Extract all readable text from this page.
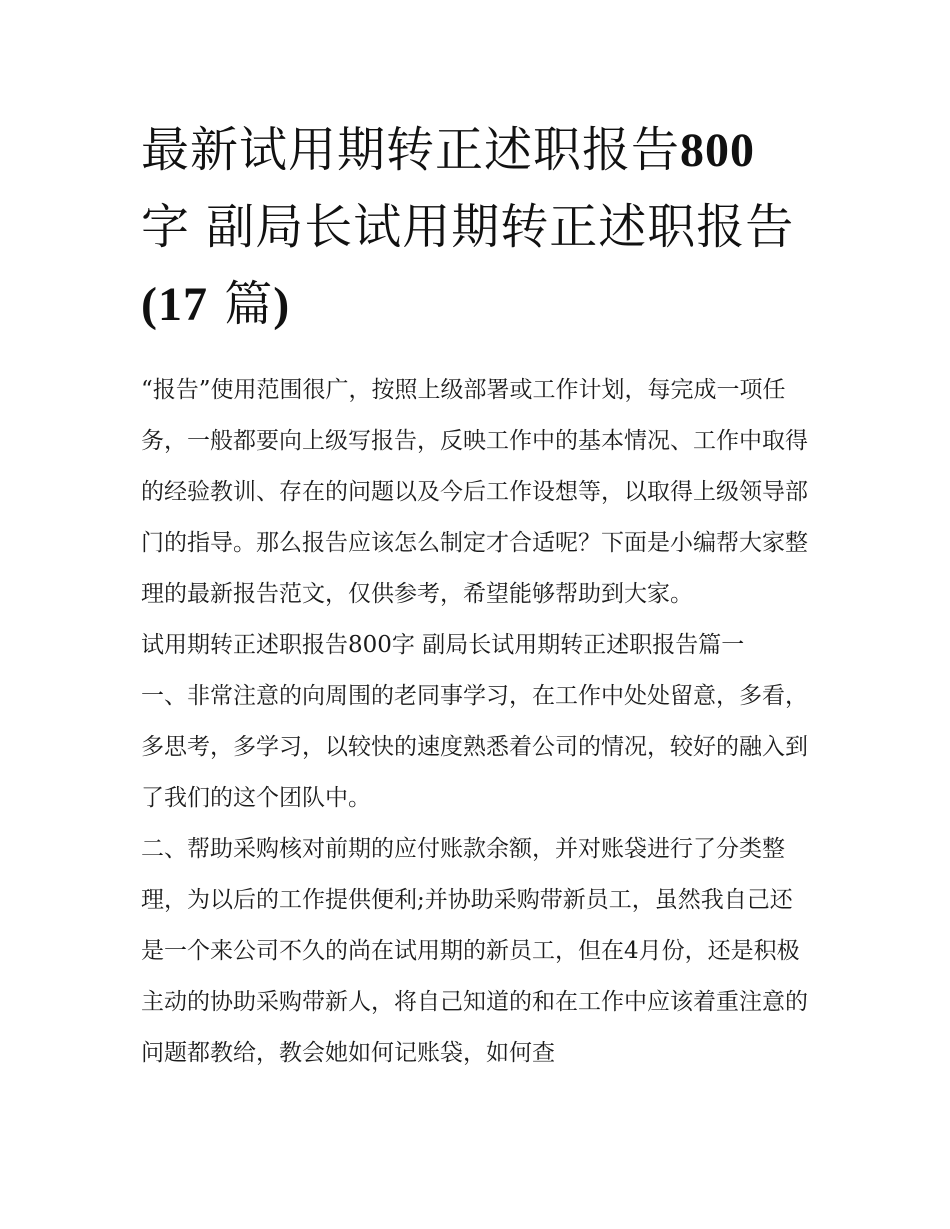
最新试用期转正述职报告800
字 副局长试用期转正述职报告
(17 篇)

“报告”使用范围很广，按照上级部署或工作计划，每完成一项任务，一般都要向上级写报告，反映工作中的基本情况、工作中取得的经验教训、存在的问题以及今后工作设想等，以取得上级领导部门的指导。那么报告应该怎么制定才合适呢？下面是小编帮大家整理的最新报告范文，仅供参考，希望能够帮助到大家。

试用期转正述职报告800字 副局长试用期转正述职报告篇一

一、非常注意的向周围的老同事学习，在工作中处处留意，多看，多思考，多学习，以较快的速度熟悉着公司的情况，较好的融入到了我们的这个团队中。

二、帮助采购核对前期的应付账款余额，并对账袋进行了分类整理，为以后的工作提供便利;并协助采购带新员工，虽然我自己还是一个来公司不久的尚在试用期的新员工，但在4月份，还是积极主动的协助采购带新人，将自己知道的和在工作中应该着重注意的问题都教给，教会她如何记账袋，如何查
